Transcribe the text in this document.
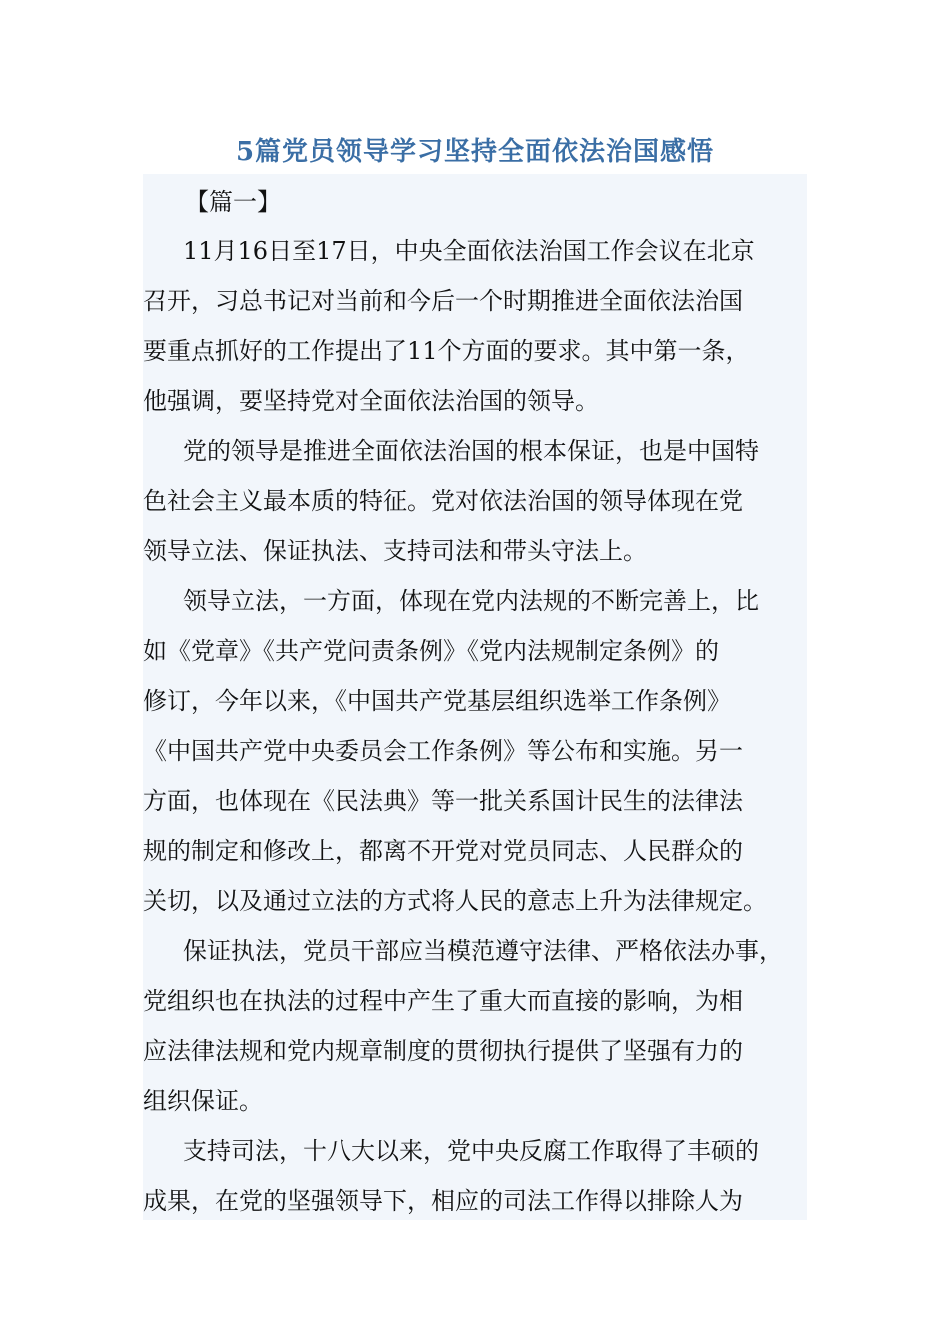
5篇党员领导学习坚持全面依法治国感悟
【篇一】
11月16日至17日，中央全面依法治国工作会议在北京
召开，习总书记对当前和今后一个时期推进全面依法治国
要重点抓好的工作提出了11个方面的要求。其中第一条，
他强调，要坚持党对全面依法治国的领导。
党的领导是推进全面依法治国的根本保证，也是中国特
色社会主义最本质的特征。党对依法治国的领导体现在党
领导立法、保证执法、支持司法和带头守法上。
领导立法，一方面，体现在党内法规的不断完善上，比
如《党章》《共产党问责条例》《党内法规制定条例》的
修订，今年以来，《中国共产党基层组织选举工作条例》
《中国共产党中央委员会工作条例》等公布和实施。另一
方面，也体现在《民法典》等一批关系国计民生的法律法
规的制定和修改上，都离不开党对党员同志、人民群众的
关切，以及通过立法的方式将人民的意志上升为法律规定。
保证执法，党员干部应当模范遵守法律、严格依法办事，
党组织也在执法的过程中产生了重大而直接的影响，为相
应法律法规和党内规章制度的贯彻执行提供了坚强有力的
组织保证。
支持司法，十八大以来，党中央反腐工作取得了丰硕的
成果，在党的坚强领导下，相应的司法工作得以排除人为
